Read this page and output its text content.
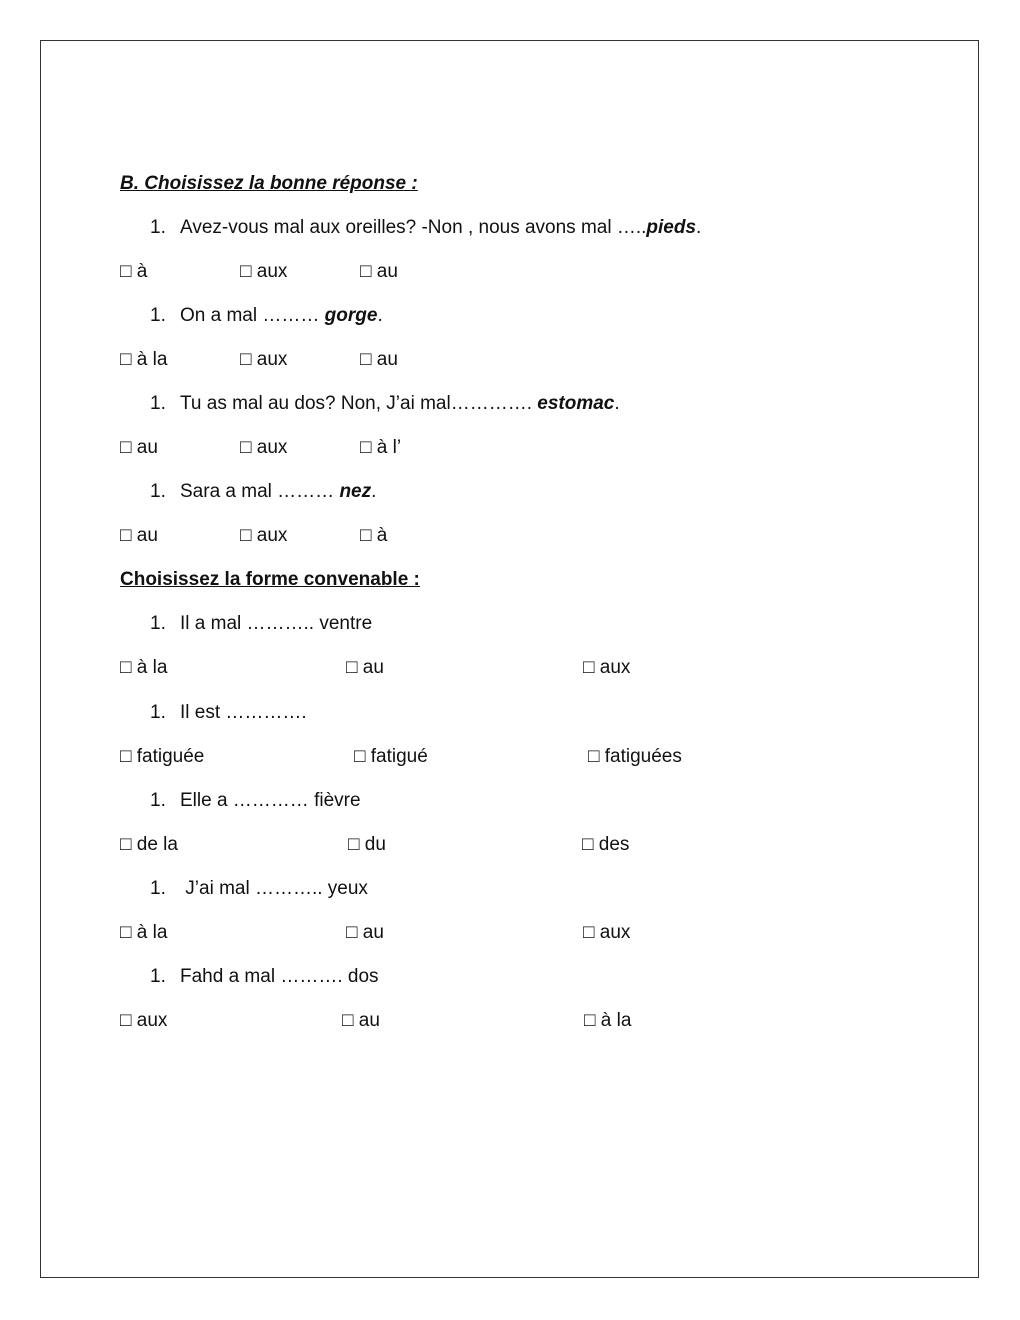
B. Choisissez la bonne réponse :
1. Avez-vous mal aux oreilles? -Non , nous avons mal …..pieds.
□ à	□ aux	□ au
1. On a mal ……… gorge.
□ à la	□ aux	□ au
1. Tu as mal au dos? Non, J’ai mal…………. estomac.
□ au	□ aux	□ à l’
1. Sara a mal ……… nez.
□ au	□ aux	□ à
Choisissez la forme convenable :
1. Il a mal ……….. ventre
□ à la	□ au	□ aux
1. Il est ………….
□ fatiguée	□ fatigué	□ fatiguées
1. Elle a ………… fièvre
□ de la	□ du	□ des
1. J’ai mal ……….. yeux
□ à la	□ au	□ aux
1. Fahd a mal ………. dos
□ aux	□ au	□ à la
